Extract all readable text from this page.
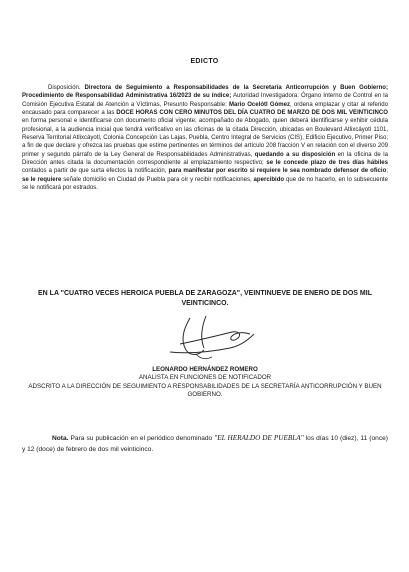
EDICTO
Disposición. Directora de Seguimiento a Responsabilidades de la Secretaría Anticorrupción y Buen Gobierno; Procedimiento de Responsabilidad Administrativa 16/2023 de su índice; Autoridad Investigadora: Órgano Interno de Control en la Comisión Ejecutiva Estatal de Atención a Víctimas, Presunto Responsable: Mario Ocelótl Gómez, ordena emplazar y citar al referido encausado para comparecer a las DOCE HORAS CON CERO MINUTOS DEL DÍA CUATRO DE MARZO DE DOS MIL VEINTICINCO en forma personal e identificarse con documento oficial vigente; acompañado de Abogado, quien deberá identificarse y exhibir cédula profesional, a la audiencia inicial que tendrá verificativo en las oficinas de la citada Dirección, ubicadas en Boulevard Atlixcáyotl 1101, Reserva Territorial Atlixcáyotl, Colonia Concepción Las Lajas, Puebla, Centro Integral de Servicios (CIS), Edificio Ejecutivo, Primer Piso; a fin de que declare y ofrezca las pruebas que estime pertinentes en términos del artículo 208 fracción V en relación con el diverso 209 primer y segundo párrafo de la Ley General de Responsabilidades Administrativas, quedando a su disposición en la oficina de la Dirección antes citada la documentación correspondiente al emplazamiento respectivo; se le concede plazo de tres días hábiles contados a partir de que surta efectos la notificación, para manifestar por escrito si requiere le sea nombrado defensor de oficio; se le requiere señale domicilio en Ciudad de Puebla para oír y recibir notificaciones, apercibido que de no hacerlo, en lo subsecuente se le notificará por estrados.
EN LA "CUATRO VECES HEROICA PUEBLA DE ZARAGOZA", VEINTINUEVE DE ENERO DE DOS MIL VEINTICINCO.
LEONARDO HERNÁNDEZ ROMERO
ANALISTA EN FUNCIONES DE NOTIFICADOR
ADSCRITO A LA DIRECCIÓN DE SEGUIMIENTO A RESPONSABILIDADES DE LA SECRETARÍA ANTICORRUPCIÓN Y BUEN GOBIERNO.
Nota. Para su publicación en el periódico denominado "EL HERALDO DE PUEBLA" los días 10 (diez), 11 (once) y 12 (doce) de febrero de dos mil veinticinco.
